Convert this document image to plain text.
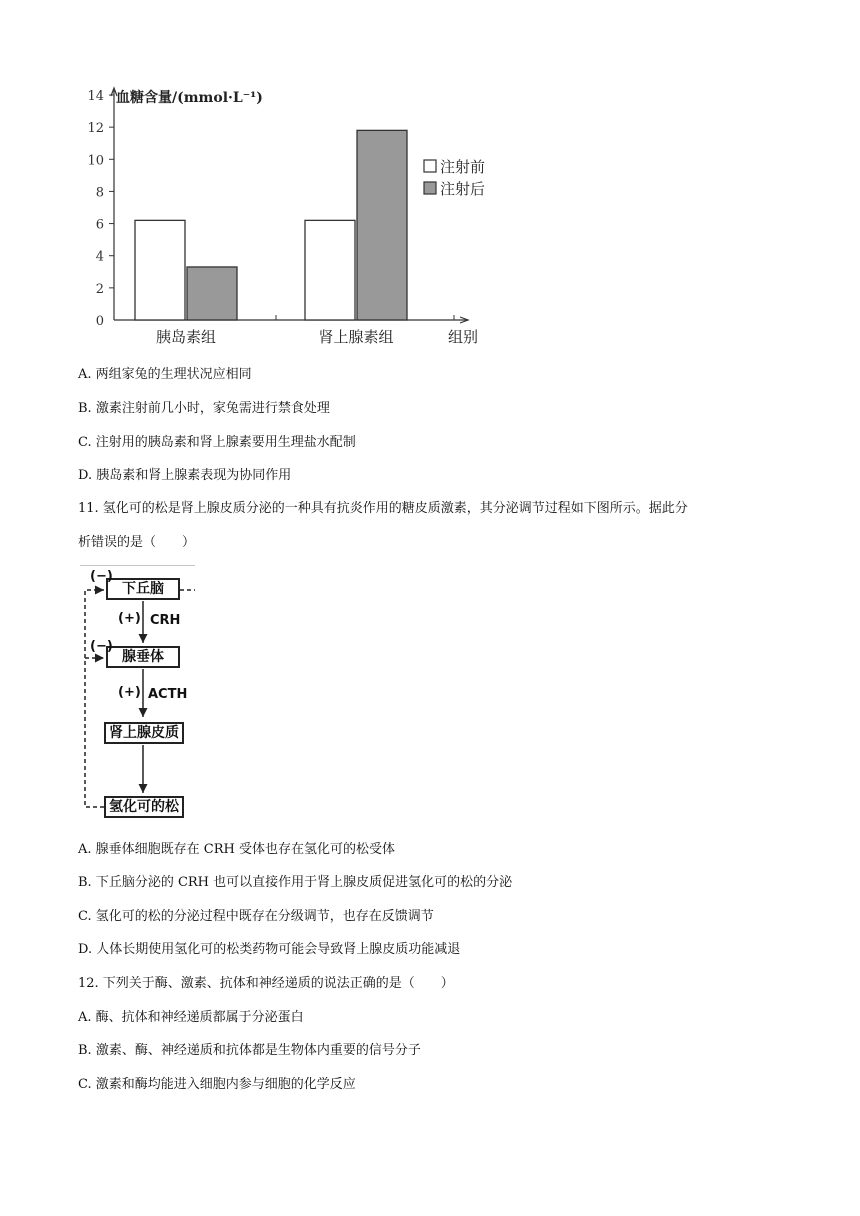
0
2
4
6
8
10
12
14 血糖含量/(mmol·L⁻¹)
胰岛素组	肾上腺素组	组别
注射前
注射后
A. 两组家兔的生理状况应相同
B. 激素注射前几小时，家兔需进行禁食处理
C. 注射用的胰岛素和肾上腺素要用生理盐水配制
D. 胰岛素和肾上腺素表现为协同作用
11. 氢化可的松是肾上腺皮质分泌的一种具有抗炎作用的糖皮质激素，其分泌调节过程如下图所示。据此分
析错误的是（　　）
下丘脑
腺垂体
肾上腺皮质
氢化可的松
(−)
(+) CRH
(−)
(+) ACTH
A. 腺垂体细胞既存在 CRH 受体也存在氢化可的松受体
B. 下丘脑分泌的 CRH 也可以直接作用于肾上腺皮质促进氢化可的松的分泌
C. 氢化可的松的分泌过程中既存在分级调节，也存在反馈调节
D. 人体长期使用氢化可的松类药物可能会导致肾上腺皮质功能减退
12. 下列关于酶、激素、抗体和神经递质的说法正确的是（　　）
A. 酶、抗体和神经递质都属于分泌蛋白
B. 激素、酶、神经递质和抗体都是生物体内重要的信号分子
C. 激素和酶均能进入细胞内参与细胞的化学反应
